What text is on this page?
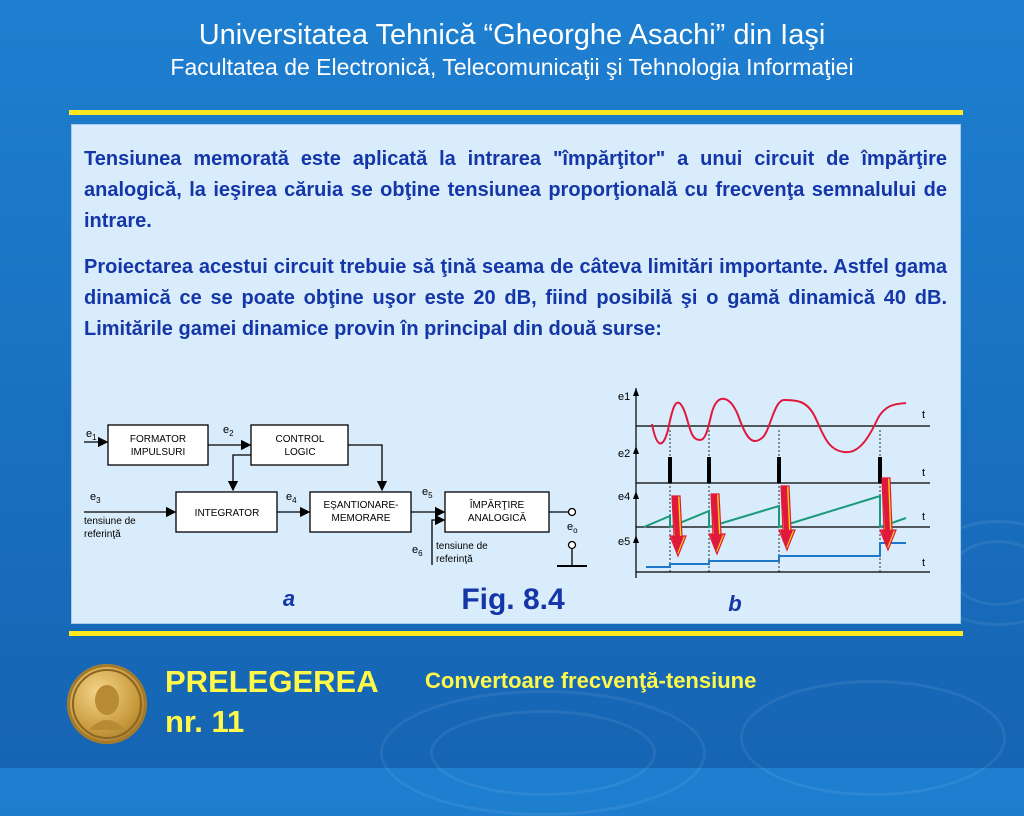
Universitatea Tehnică “Gheorghe Asachi” din Iaşi
Facultatea de Electronică, Telecomunicaţii şi Tehnologia Informaţiei
Tensiunea memorată este aplicată la intrarea "împărţitor" a unui circuit de împărţire analogică, la ieşirea căruia se obţine tensiunea proporţională cu frecvenţa semnalului de intrare.
Proiectarea acestui circuit trebuie să ţină seama de câteva limitări importante. Astfel gama dinamică ce se poate obţine uşor este 20 dB, fiind posibilă şi o gamă dinamică 40 dB. Limitările gamei dinamice provin în principal din două surse:
FORMATOR
IMPULSURI
CONTROL
LOGIC
INTEGRATOR
EŞANTIONARE-
MEMORARE
ÎMPĂRŢIRE
ANALOGICĂ
$e_1$
$e_2$
$e_3$	$e_4$
$e_5$
$e_6$
$e_o$
tensiune de
referinţă
tensiune de
referinţă
a	Fig. 8.4
e1
e2
e4
e5
t
t
t
t
b
PRELEGEREA
nr. 11
Convertoare frecvenţă-tensiune
